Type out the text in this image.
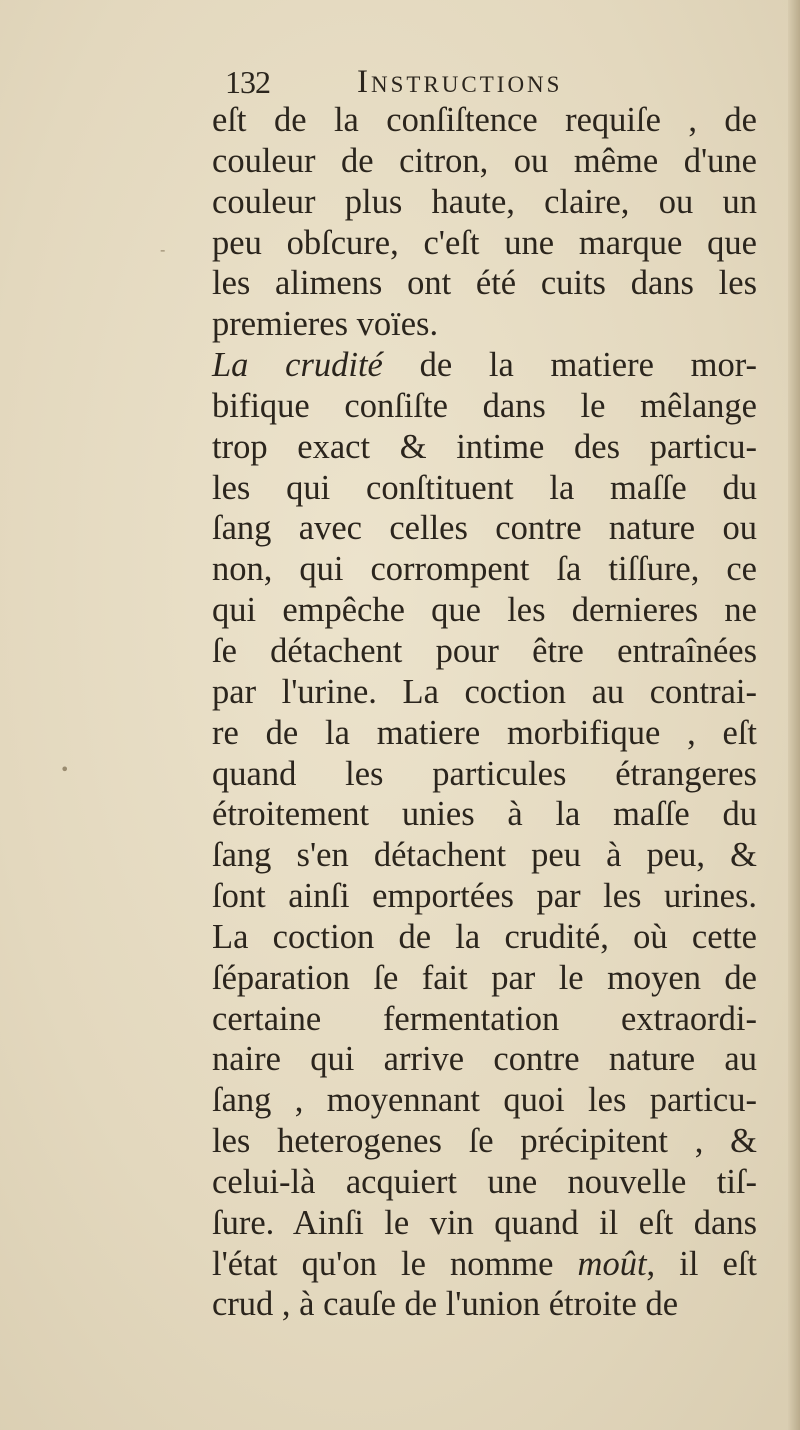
132	Instructions
eſt de la conſiſtence requiſe , de
couleur de citron, ou même d'une
couleur plus haute, claire, ou un
peu obſcure, c'eſt une marque que
les alimens ont été cuits dans les
premieres voïes.
La crudité de la matiere mor-
bifique conſiſte dans le mêlange
trop exact & intime des particu-
les qui conſtituent la maſſe du
ſang avec celles contre nature ou
non, qui corrompent ſa tiſſure, ce
qui empêche que les dernieres ne
ſe détachent pour être entraînées
par l'urine. La coction au contrai-
re de la matiere morbifique , eſt
quand les particules étrangeres
étroitement unies à la maſſe du
ſang s'en détachent peu à peu, &
ſont ainſi emportées par les urines.
La coction de la crudité, où cette
ſéparation ſe fait par le moyen de
certaine fermentation extraordi-
naire qui arrive contre nature au
ſang , moyennant quoi les particu-
les heterogenes ſe précipitent , &
celui-là acquiert une nouvelle tiſ-
ſure. Ainſi le vin quand il eſt dans
l'état qu'on le nomme moût, il eſt
crud , à cauſe de l'union étroite de
-
•
